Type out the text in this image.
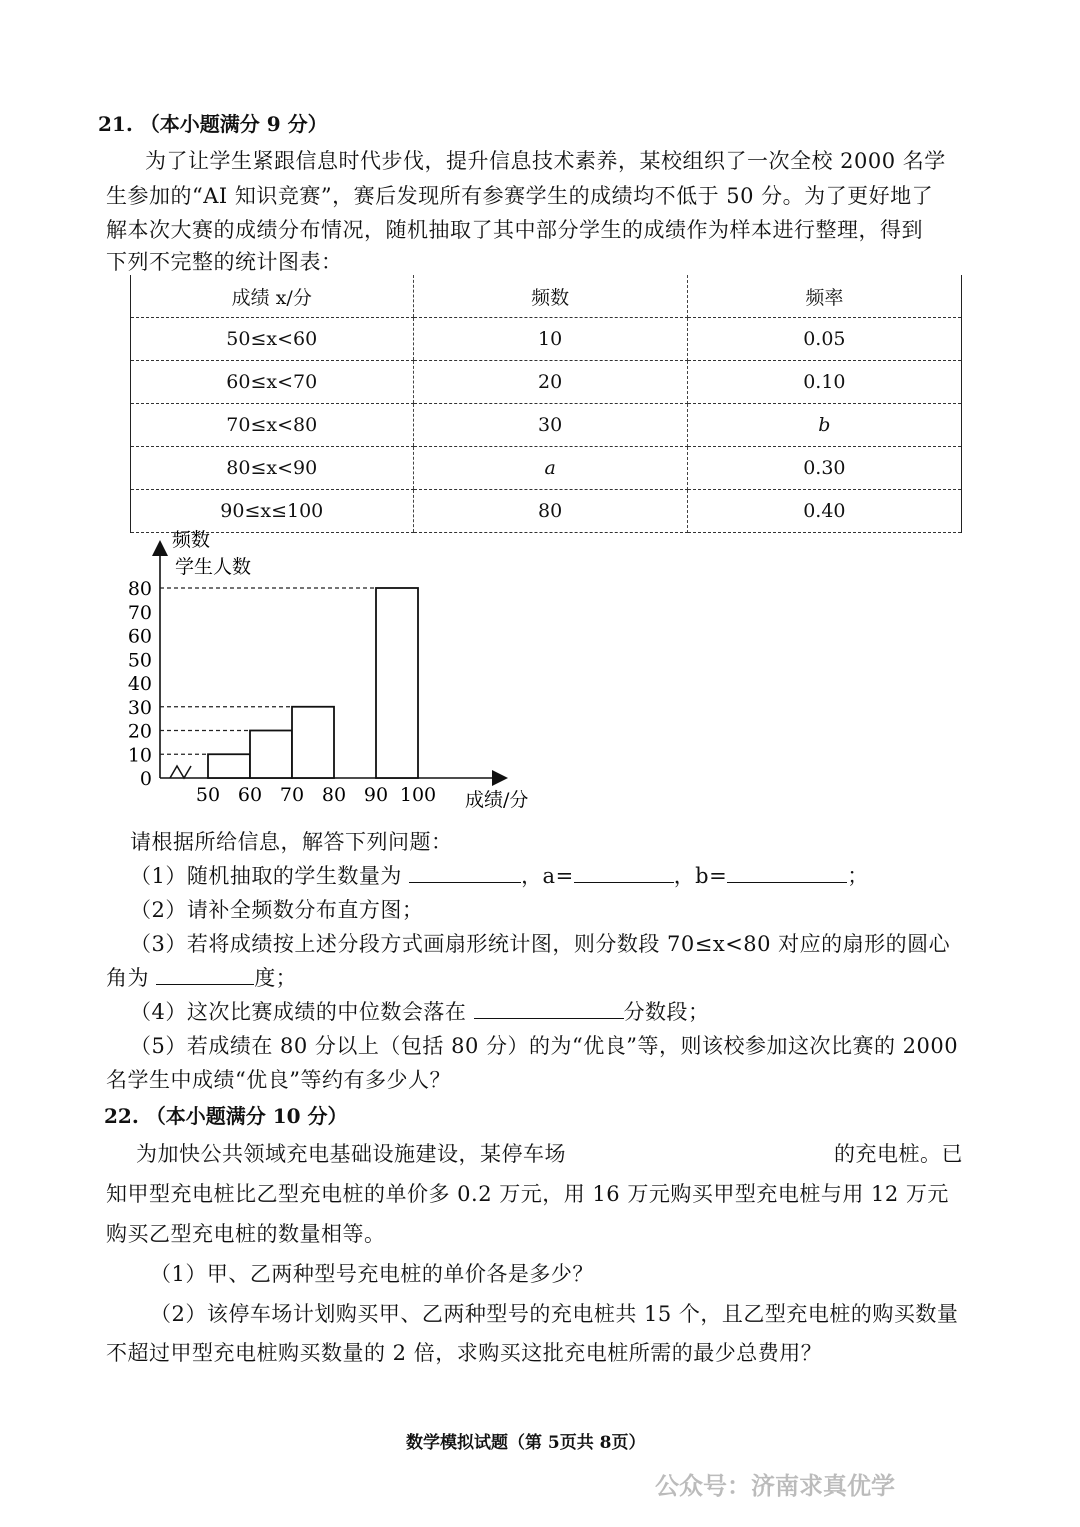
21. （本小题满分 9 分）
为了让学生紧跟信息时代步伐，提升信息技术素养，某校组织了一次全校 2000 名学
生参加的“AI 知识竞赛”，赛后发现所有参赛学生的成绩均不低于 50 分。为了更好地了
解本次大赛的成绩分布情况，随机抽取了其中部分学生的成绩作为样本进行整理，得到
下列不完整的统计图表：
成绩 x/分	频数	频率
50≤x<60	10	0.05
60≤x<70	20	0.10
70≤x<80	30	b
80≤x<90	a	0.30
90≤x≤100	80	0.40
频数
学生人数
成绩/分
0
10
20
30
40
50
60
70
80
50 60 70 80 90 100
请根据所给信息，解答下列问题：
（1）随机抽取的学生数量为	，a=	，b=	；
（2）请补全频数分布直方图；
（3）若将成绩按上述分段方式画扇形统计图，则分数段 70≤x<80 对应的扇形的圆心
角为	度；
（4）这次比赛成绩的中位数会落在	分数段；
（5）若成绩在 80 分以上（包括 80 分）的为“优良”等，则该校参加这次比赛的 2000
名学生中成绩“优良”等约有多少人？
22. （本小题满分 10 分）
为加快公共领域充电基础设施建设，某停车场	的充电桩。已
知甲型充电桩比乙型充电桩的单价多 0.2 万元，用 16 万元购买甲型充电桩与用 12 万元
购买乙型充电桩的数量相等。
（1）甲、乙两种型号充电桩的单价各是多少？
（2）该停车场计划购买甲、乙两种型号的充电桩共 15 个，且乙型充电桩的购买数量
不超过甲型充电桩购买数量的 2 倍，求购买这批充电桩所需的最少总费用？
数学模拟试题（第 5页共 8页）
公众号：济南求真优学
